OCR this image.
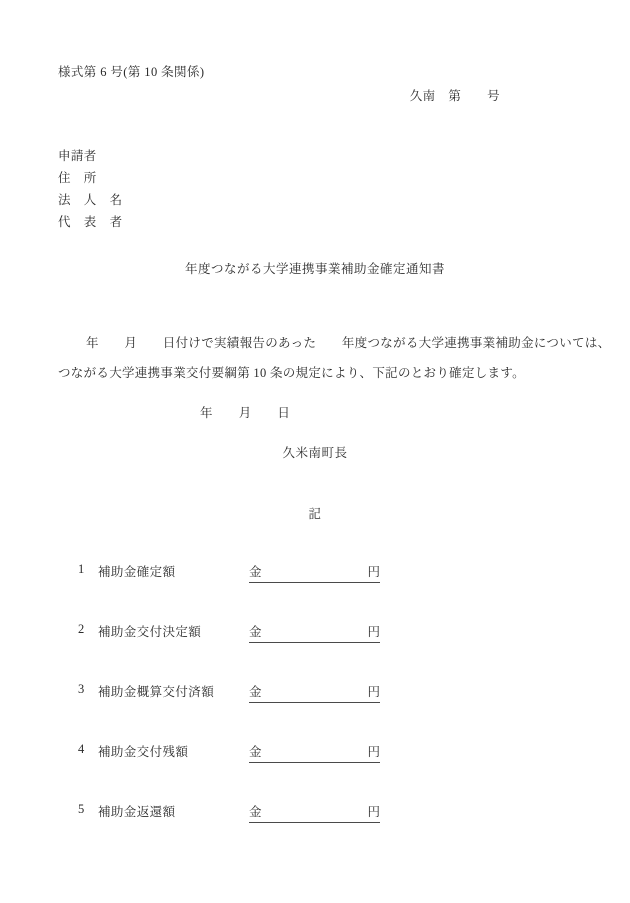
様式第 6 号(第 10 条関係)
久南　第　　号
申請者
住　所
法　人　名
代　表　者
年度つながる大学連携事業補助金確定通知書
年　　月　　日付けで実績報告のあった　　年度つながる大学連携事業補助金については、
つながる大学連携事業交付要綱第 10 条の規定により、下記のとおり確定します。
年　　月　　日
久米南町長
記
1	補助金確定額	金	円
2	補助金交付決定額	金	円
3	補助金概算交付済額	金	円
4	補助金交付残額	金	円
5	補助金返還額	金	円
